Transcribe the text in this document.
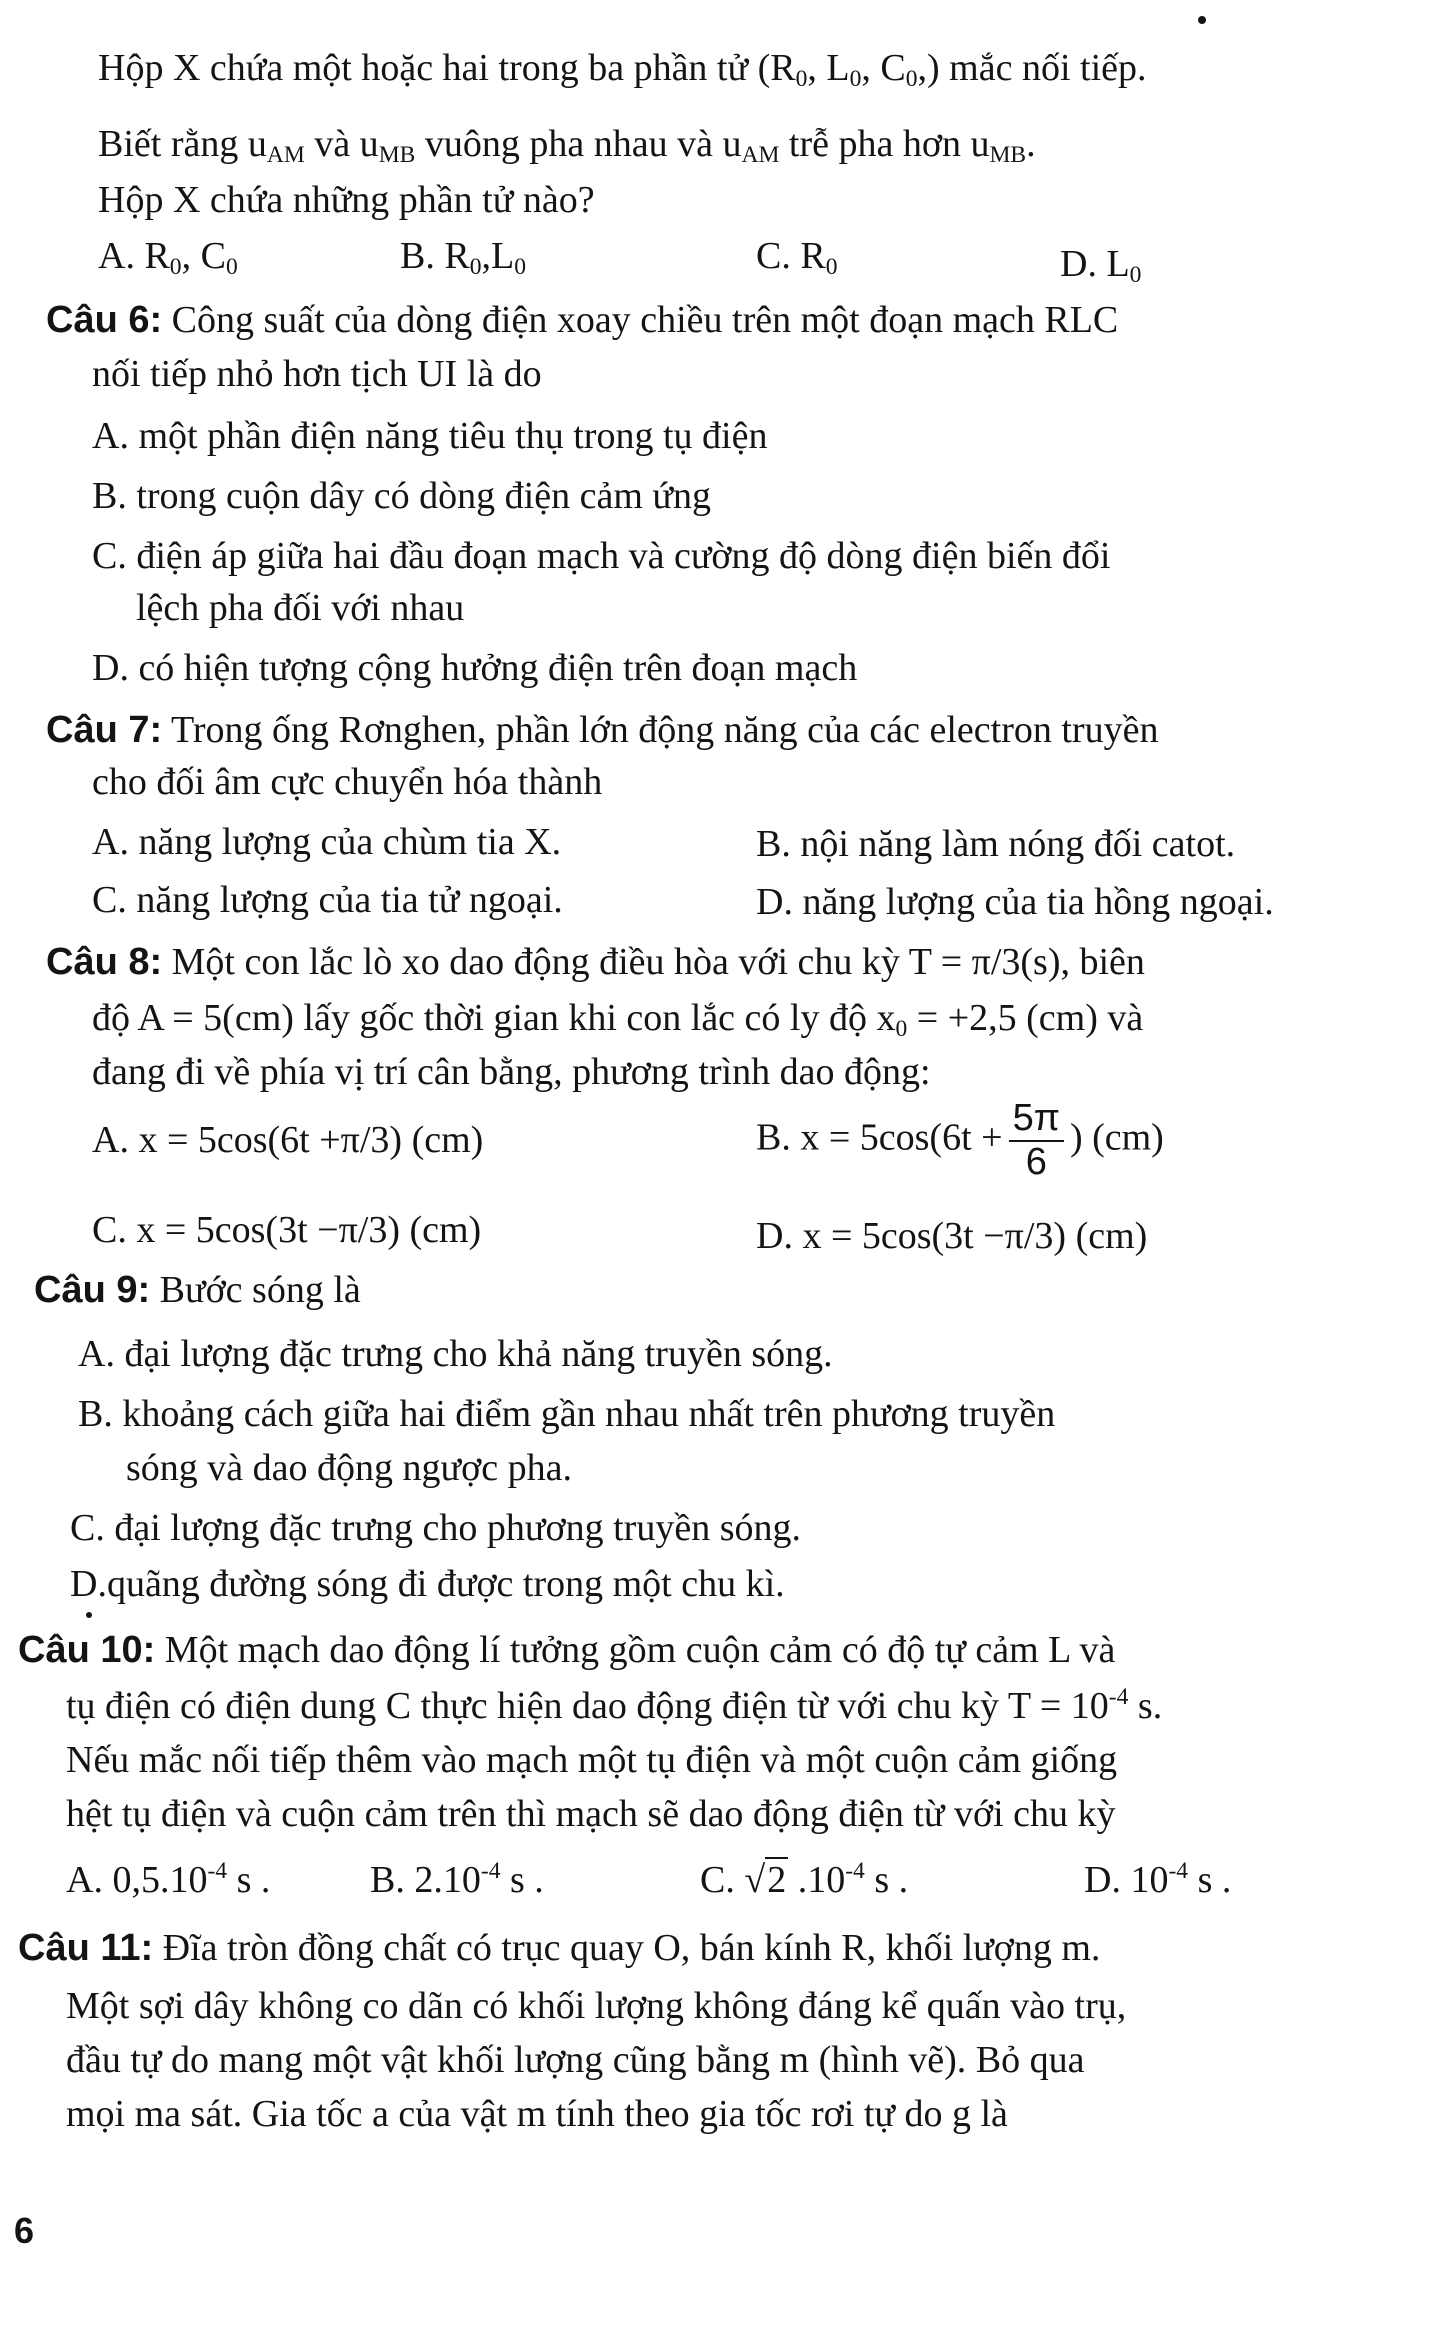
Hộp X chứa một hoặc hai trong ba phần tử ($R_0$, $L_0$, $C_0$,) mắc nối tiếp.
Biết rằng $u_{AM}$ và $u_{MB}$ vuông pha nhau và $u_{AM}$ trễ pha hơn $u_{MB}$.
Hộp X chứa những phần tử nào?
A. $R_0$, $C_0$	B. $R_0,L_0$	C. $R_0$	D. $L_0$
Câu 6: Công suất của dòng điện xoay chiều trên một đoạn mạch RLC
nối tiếp nhỏ hơn tịch UI là do
A. một phần điện năng tiêu thụ trong tụ điện
B. trong cuộn dây có dòng điện cảm ứng
C. điện áp giữa hai đầu đoạn mạch và cường độ dòng điện biến đổi
lệch pha đối với nhau
D. có hiện tượng cộng hưởng điện trên đoạn mạch
Câu 7: Trong ống Rơnghen, phần lớn động năng của các electron truyền
cho đối âm cực chuyển hóa thành
A. năng lượng của chùm tia X.	B. nội năng làm nóng đối catot.
C. năng lượng của tia tử ngoại.	D. năng lượng của tia hồng ngoại.
Câu 8: Một con lắc lò xo dao động điều hòa với chu kỳ T = π/3(s), biên
độ A = 5(cm) lấy gốc thời gian khi con lắc có ly độ $x_0 = +2,5$ (cm) và
đang đi về phía vị trí cân bằng, phương trình dao động:
A. x = 5cos(6t +π/3) (cm)	B. $x = 5\cos(6t + \frac{5\pi}{6}$ ) (cm)
C. x = 5cos(3t −π/3) (cm)	D. x = 5cos(3t −π/3) (cm)
Câu 9: Bước sóng là
A. đại lượng đặc trưng cho khả năng truyền sóng.
B. khoảng cách giữa hai điểm gần nhau nhất trên phương truyền
sóng và dao động ngược pha.
C. đại lượng đặc trưng cho phương truyền sóng.
D.quãng đường sóng đi được trong một chu kì.
Câu 10: Một mạch dao động lí tưởng gồm cuộn cảm có độ tự cảm L và
tụ điện có điện dung C thực hiện dao động điện từ với chu kỳ $T = 10^{-4}$ s.
Nếu mắc nối tiếp thêm vào mạch một tụ điện và một cuộn cảm giống
hệt tụ điện và cuộn cảm trên thì mạch sẽ dao động điện từ với chu kỳ
A. $0,5.10^{-4}$ s .	B. $2.10^{-4}$ s .	C. √2 $.10^{-4}$ s .	D. $10^{-4}$ s .
Câu 11: Đĩa tròn đồng chất có trục quay O, bán kính R, khối lượng m.
Một sợi dây không co dãn có khối lượng không đáng kể quấn vào trụ,
đầu tự do mang một vật khối lượng cũng bằng m (hình vẽ). Bỏ qua
mọi ma sát. Gia tốc a của vật m tính theo gia tốc rơi tự do g là
6
